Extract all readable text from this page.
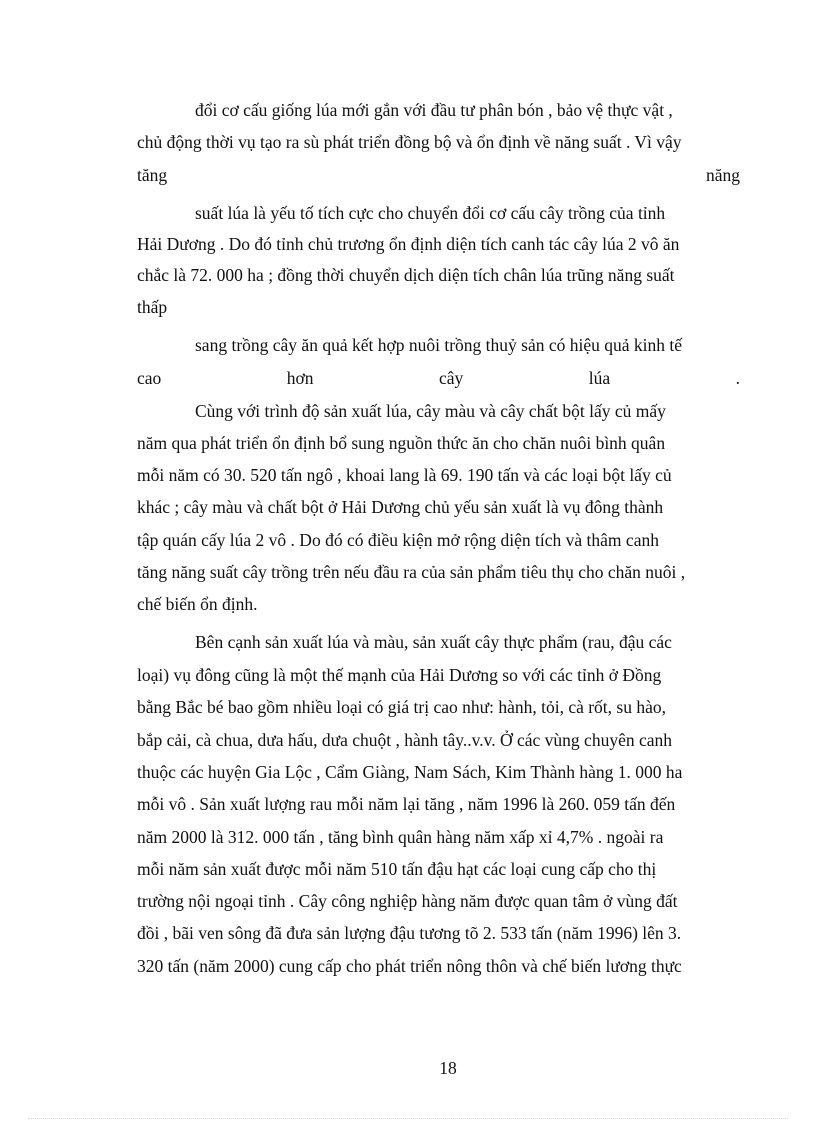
đổi cơ cấu giống lúa mới gắn với đầu tư phân bón , bảo vệ thực vật ,
chủ động thời vụ tạo ra sù phát triển đồng bộ và ổn định về năng suất . Vì vậy
tăng	năng
suất lúa là yếu tố tích cực cho chuyển đổi cơ cấu cây trồng của tỉnh
Hải Dương . Do đó tỉnh chủ trương ổn định diện tích canh tác cây lúa 2 vô ăn
chắc là 72. 000 ha ; đồng thời chuyển dịch diện tích chân lúa trũng năng suất
thấp
sang trồng cây ăn quả kết hợp nuôi trồng thuỷ sản có hiệu quả kinh tế
cao	hơn	cây	lúa	.
Cùng với trình độ sản xuất lúa, cây màu và cây chất bột lấy củ mấy
năm qua phát triển ổn định bổ sung nguồn thức ăn cho chăn nuôi bình quân
mỗi năm có 30. 520 tấn ngô , khoai lang là 69. 190 tấn và các loại bột lấy củ
khác ; cây màu và chất bột ở Hải Dương chủ yếu sản xuất là vụ đông thành
tập quán cấy lúa 2 vô . Do đó có điều kiện mở rộng diện tích và thâm canh
tăng năng suất cây trồng trên nếu đầu ra của sản phẩm tiêu thụ cho chăn nuôi ,
chế biến ổn định.
Bên cạnh sản xuất lúa và màu, sản xuất cây thực phẩm (rau, đậu các
loại) vụ đông cũng là một thế mạnh của Hải Dương so với các tỉnh ở Đồng
bằng Bắc bé bao gồm nhiều loại có giá trị cao như: hành, tỏi, cà rốt, su hào,
bắp cải, cà chua, dưa hấu, dưa chuột , hành tây..v.v. Ở các vùng chuyên canh
thuộc các huyện Gia Lộc , Cẩm Giàng, Nam Sách, Kim Thành hàng 1. 000 ha
mỗi vô . Sản xuất lượng rau mỗi năm lại tăng , năm 1996 là 260. 059 tấn đến
năm 2000 là 312. 000 tấn , tăng bình quân hàng năm xấp xỉ 4,7% . ngoài ra
mỗi năm sản xuất được mỗi năm 510 tấn đậu hạt các loại cung cấp cho thị
trường nội ngoại tỉnh . Cây công nghiệp hàng năm được quan tâm ở vùng đất
đồi , bãi ven sông đã đưa sản lượng đậu tương tõ 2. 533 tấn (năm 1996) lên 3.
320 tấn (năm 2000) cung cấp cho phát triển nông thôn và chế biến lương thực
18
